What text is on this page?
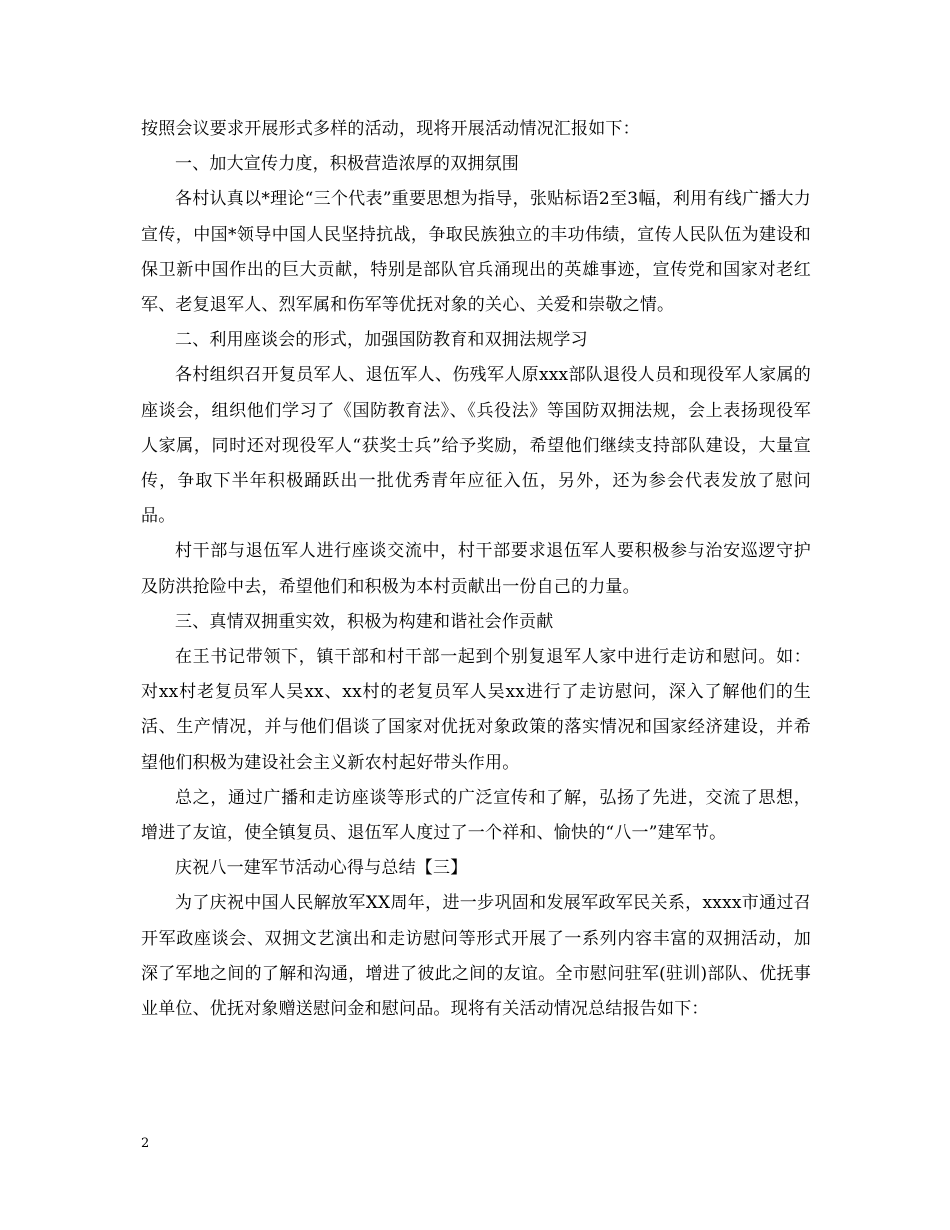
按照会议要求开展形式多样的活动，现将开展活动情况汇报如下：

一、加大宣传力度，积极营造浓厚的双拥氛围

各村认真以*理论“三个代表”重要思想为指导，张贴标语2至3幅，利用有线广播大力宣传，中国*领导中国人民坚持抗战，争取民族独立的丰功伟绩，宣传人民队伍为建设和保卫新中国作出的巨大贡献，特别是部队官兵涌现出的英雄事迹，宣传党和国家对老红军、老复退军人、烈军属和伤军等优抚对象的关心、关爱和崇敬之情。

二、利用座谈会的形式，加强国防教育和双拥法规学习

各村组织召开复员军人、退伍军人、伤残军人原xxx部队退役人员和现役军人家属的座谈会，组织他们学习了《国防教育法》、《兵役法》等国防双拥法规，会上表扬现役军人家属，同时还对现役军人“获奖士兵”给予奖励，希望他们继续支持部队建设，大量宣传，争取下半年积极踊跃出一批优秀青年应征入伍，另外，还为参会代表发放了慰问品。

村干部与退伍军人进行座谈交流中，村干部要求退伍军人要积极参与治安巡逻守护及防洪抢险中去，希望他们和积极为本村贡献出一份自己的力量。

三、真情双拥重实效，积极为构建和谐社会作贡献

在王书记带领下，镇干部和村干部一起到个别复退军人家中进行走访和慰问。如：对xx村老复员军人吴xx、xx村的老复员军人吴xx进行了走访慰问，深入了解他们的生活、生产情况，并与他们倡谈了国家对优抚对象政策的落实情况和国家经济建设，并希望他们积极为建设社会主义新农村起好带头作用。

总之，通过广播和走访座谈等形式的广泛宣传和了解，弘扬了先进，交流了思想，增进了友谊，使全镇复员、退伍军人度过了一个祥和、愉快的“八一”建军节。

庆祝八一建军节活动心得与总结【三】

为了庆祝中国人民解放军XX周年，进一步巩固和发展军政军民关系，xxxx市通过召开军政座谈会、双拥文艺演出和走访慰问等形式开展了一系列内容丰富的双拥活动，加深了军地之间的了解和沟通，增进了彼此之间的友谊。全市慰问驻军(驻训)部队、优抚事业单位、优抚对象赠送慰问金和慰问品。现将有关活动情况总结报告如下：

2
